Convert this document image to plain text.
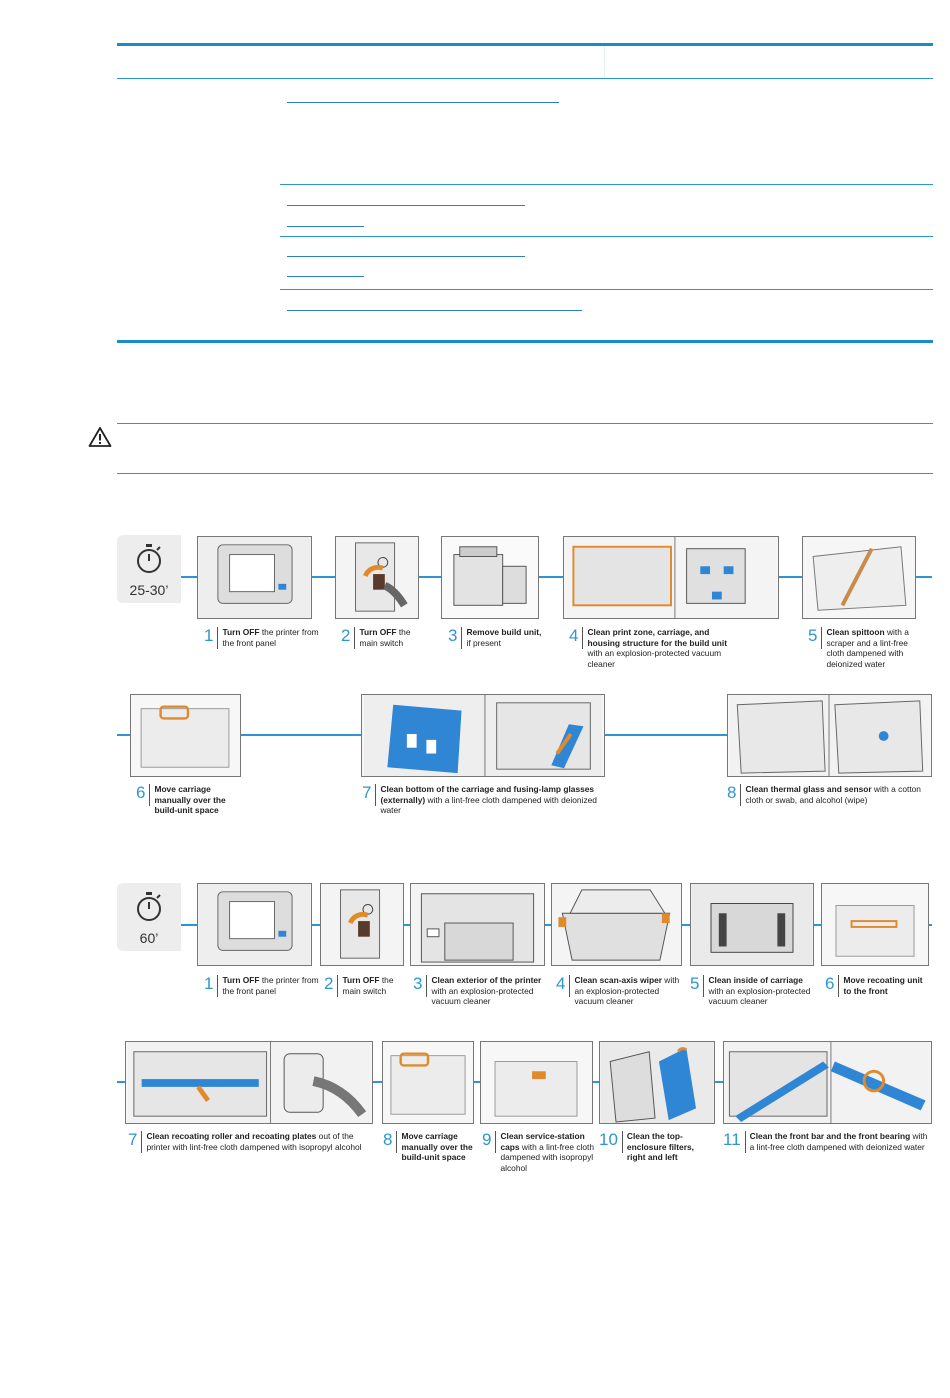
25-30’
1	Turn OFF the printer from the front panel	2	Turn OFF the main switch	3	Remove build unit, if present	4	Clean print zone, carriage, and housing structure for the build unit with an explosion-protected vacuum cleaner
5	Clean spittoon with a scraper and a lint-free cloth dampened with deionized water
6	Move carriage manually over the build-unit space
7	Clean bottom of the carriage and fusing-lamp glasses (externally) with a lint-free cloth dampened with deionized water
8	Clean thermal glass and sensor with a cotton cloth or swab, and alcohol (wipe)
60’
1	Turn OFF the printer from the front panel	2	Turn OFF the main switch	3	Clean exterior of the printer with an explosion-protected vacuum cleaner
4	Clean scan-axis wiper with an explosion-protected vacuum cleaner
5	Clean inside of carriage with an explosion-protected vacuum cleaner
6	Move recoating unit to the front
7	Clean recoating roller and recoating plates out of the printer with lint-free cloth dampened with isopropyl alcohol	8	Move carriage manually over the build-unit space
9	Clean service-station caps with a lint-free cloth dampened with isopropyl alcohol
10	Clean the top-enclosure filters, right and left
11	Clean the front bar and the front bearing with a lint-free cloth dampened with deionized water
